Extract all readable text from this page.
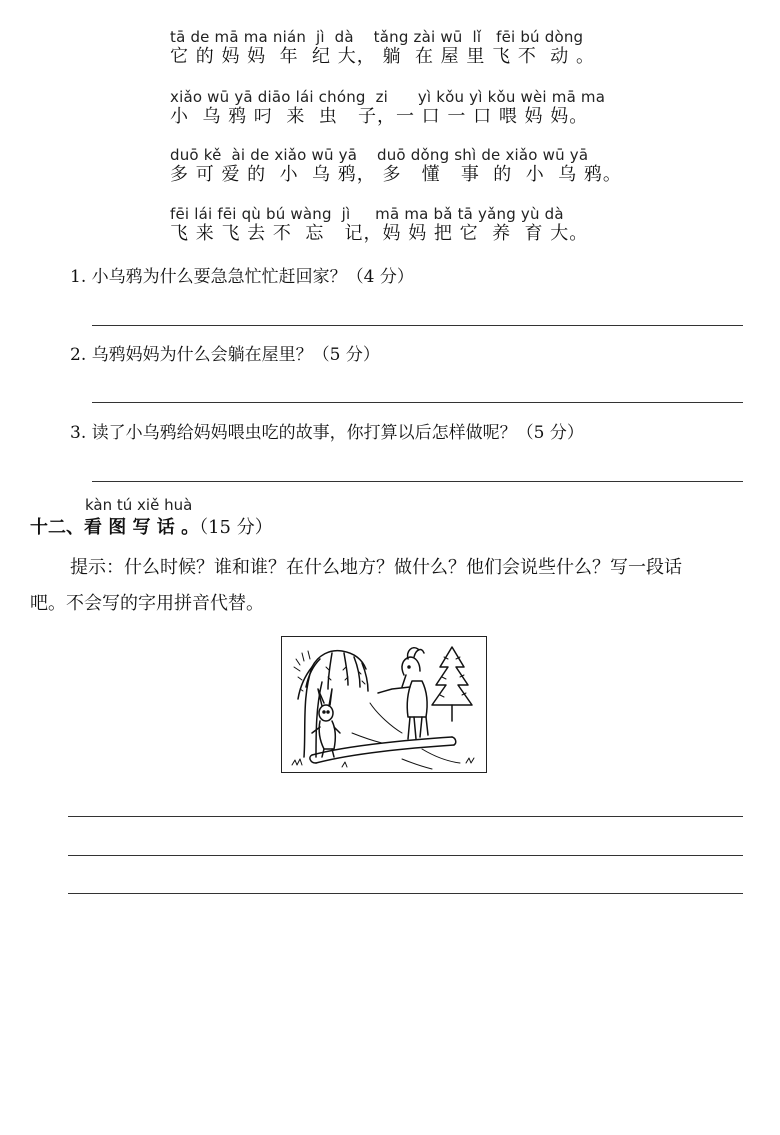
tā de mā ma nián  jì  dà    tǎng zài wū  lǐ   fēi bú dòng
它 的 妈 妈  年  纪 大， 躺  在 屋 里 飞 不  动 。
xiǎo wū yā diāo lái chóng  zi      yì kǒu yì kǒu wèi mā ma
小  乌 鸦 叼  来  虫   子，一 口 一 口 喂 妈 妈。
duō kě  ài de xiǎo wū yā    duō dǒng shì de xiǎo wū yā
多 可 爱 的  小  乌 鸦， 多   懂   事  的  小  乌 鸦。
fēi lái fēi qù bú wàng  jì     mā ma bǎ tā yǎng yù dà
飞 来 飞 去 不  忘   记，妈 妈 把 它  养  育 大。
1. 小乌鸦为什么要急急忙忙赶回家？（4 分）
2. 乌鸦妈妈为什么会躺在屋里？（5 分）
3. 读了小乌鸦给妈妈喂虫吃的故事，你打算以后怎样做呢？（5 分）
kàn tú xiě huà
十二、看 图 写 话 。（15 分）
提示：什么时候？谁和谁？在什么地方？做什么？他们会说些什么？写一段话
吧。不会写的字用拼音代替。
